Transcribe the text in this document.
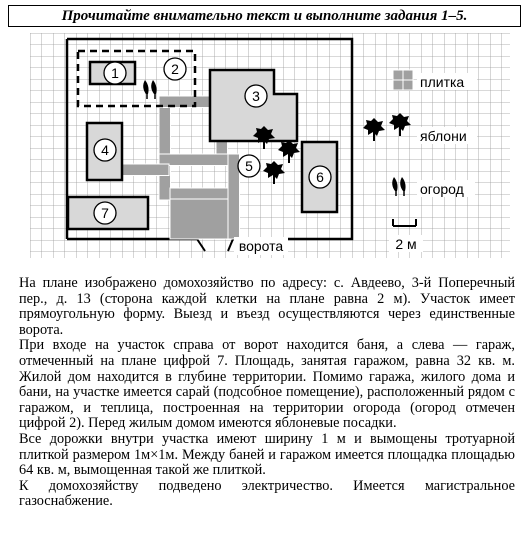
Прочитайте внимательно текст и выполните задания 1–5.
1	2
3
4
5
6
7
ворота
плитка
яблони
огород
2 м

На плане изображено домохозяйство по адресу: с. Авдеево, 3-й Поперечный пер., д. 13 (сторона каждой клетки на плане равна 2 м). Участок имеет прямоугольную форму. Выезд и въезд осуществляются через единственные ворота.

При входе на участок справа от ворот находится баня, а слева — гараж, отмеченный на плане цифрой 7. Площадь, занятая гаражом, равна 32 кв. м. Жилой дом находится в глубине территории. Помимо гаража, жилого дома и бани, на участке имеется сарай (подсобное помещение), расположенный рядом с гаражом, и теплица, построенная на территории огорода (огород отмечен цифрой 2). Перед жилым домом имеются яблоневые посадки.

Все дорожки внутри участка имеют ширину 1 м и вымощены тротуарной плиткой размером 1м×1м. Между баней и гаражом имеется площадка площадью 64 кв. м, вымощенная такой же плиткой.

К домохозяйству подведено электричество. Имеется магистральное газоснабжение.
